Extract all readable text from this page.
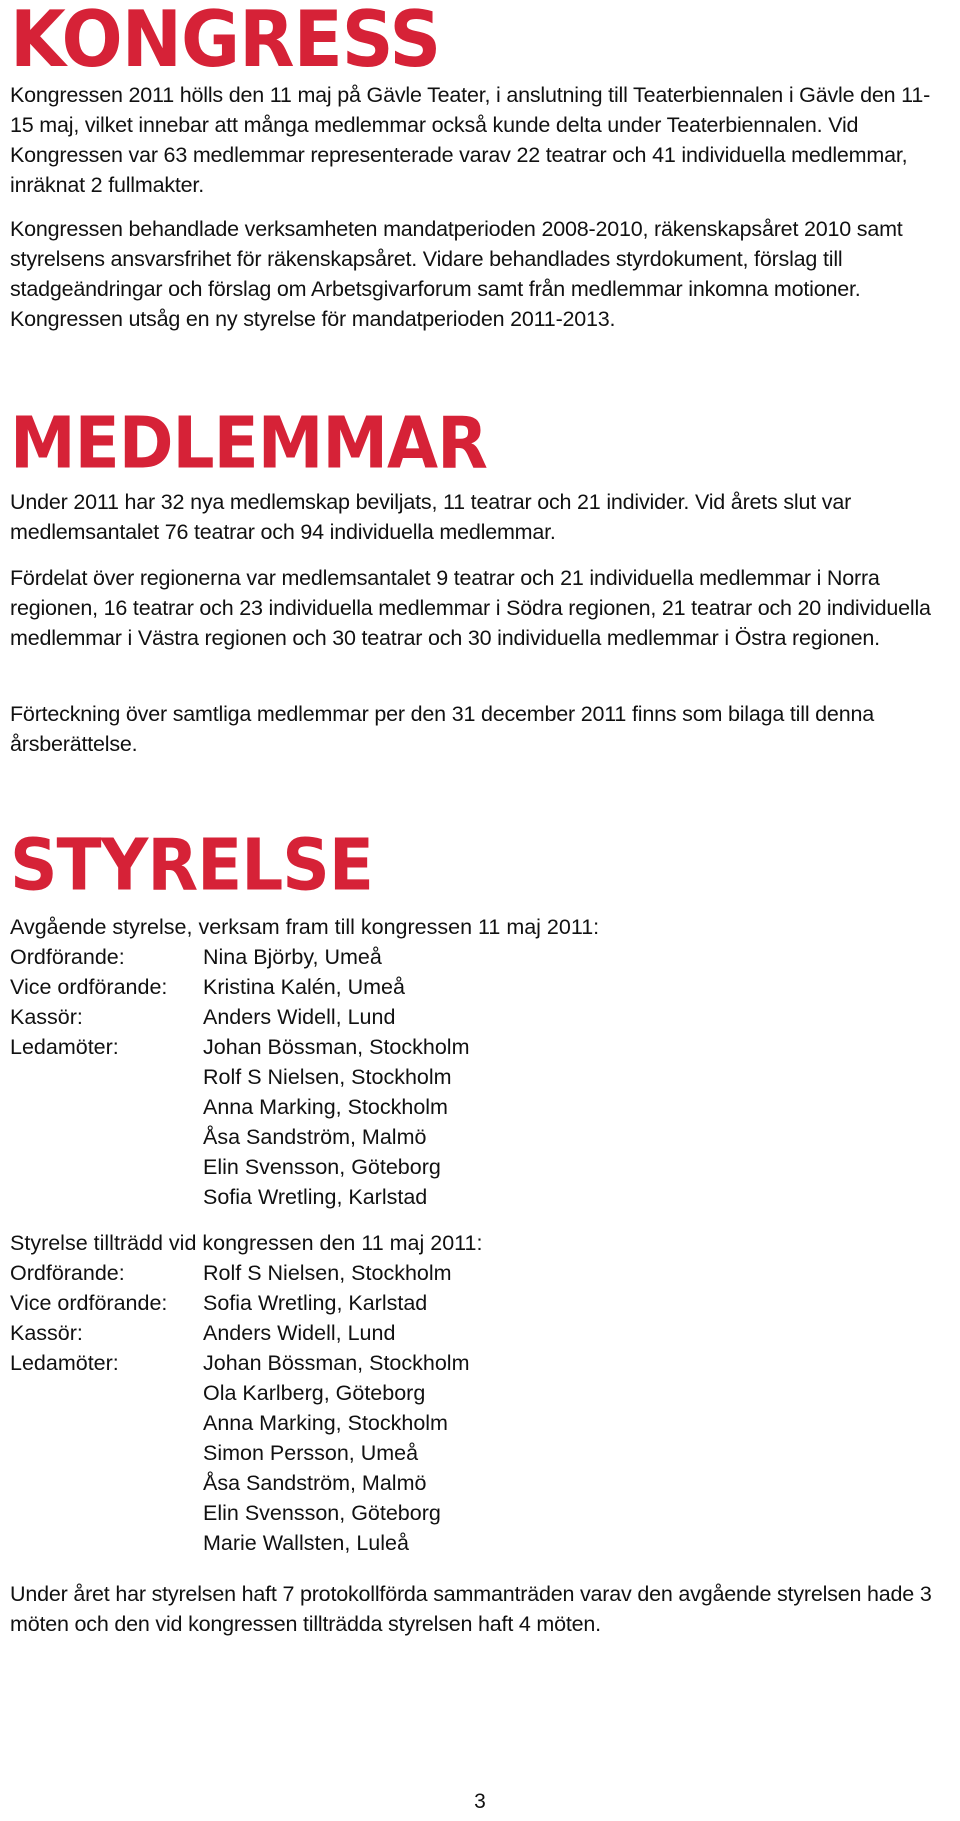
KONGRESS

Kongressen 2011 hölls den 11 maj på Gävle Teater, i anslutning till Teaterbiennalen i Gävle den 11-15 maj, vilket innebar att många medlemmar också kunde delta under Teaterbiennalen. Vid Kongressen var 63 medlemmar representerade varav 22 teatrar och 41 individuella medlemmar, inräknat 2 fullmakter.

Kongressen behandlade verksamheten mandatperioden 2008-2010, räkenskapsåret 2010 samt styrelsens ansvarsfrihet för räkenskapsåret. Vidare behandlades styrdokument, förslag till stadgeändringar och förslag om Arbetsgivarforum samt från medlemmar inkomna motioner. Kongressen utsåg en ny styrelse för mandatperioden 2011-2013.

MEDLEMMAR

Under 2011 har 32 nya medlemskap beviljats, 11 teatrar och 21 individer. Vid årets slut var medlemsantalet 76 teatrar och 94 individuella medlemmar.

Fördelat över regionerna var medlemsantalet 9 teatrar och 21 individuella medlemmar i Norra regionen, 16 teatrar och 23 individuella medlemmar i Södra regionen, 21 teatrar och 20 individuella medlemmar i Västra regionen och 30 teatrar och 30 individuella medlemmar i Östra regionen.

Förteckning över samtliga medlemmar per den 31 december 2011 finns som bilaga till denna årsberättelse.

STYRELSE
Avgående styrelse, verksam fram till kongressen 11 maj 2011:
Ordförande:	Nina Björby, Umeå
Vice ordförande:	Kristina Kalén, Umeå
Kassör:	Anders Widell, Lund
Ledamöter:	Johan Bössman, Stockholm
Rolf S Nielsen, Stockholm
Anna Marking, Stockholm
Åsa Sandström, Malmö
Elin Svensson, Göteborg
Sofia Wretling, Karlstad
Styrelse tillträdd vid kongressen den 11 maj 2011:
Ordförande:	Rolf S Nielsen, Stockholm
Vice ordförande:	Sofia Wretling, Karlstad
Kassör:	Anders Widell, Lund
Ledamöter:	Johan Bössman, Stockholm
Ola Karlberg, Göteborg
Anna Marking, Stockholm
Simon Persson, Umeå
Åsa Sandström, Malmö
Elin Svensson, Göteborg
Marie Wallsten, Luleå

Under året har styrelsen haft 7 protokollförda sammanträden varav den avgående styrelsen hade 3 möten och den vid kongressen tillträdda styrelsen haft 4 möten.

3
